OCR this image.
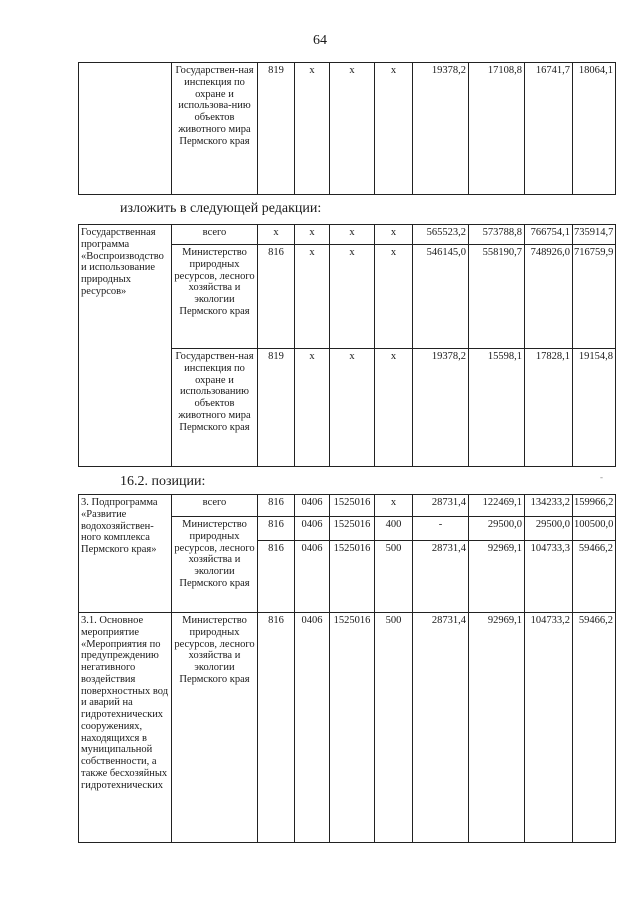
64
	Государствен-ная инспекция по охране и использова-нию объектов животного мира Пермского края	819	х	х	х	19378,2	17108,8	16741,7	18064,1
изложить в следующей редакции:
Государственная программа «Воспроизводство и использование природных ресурсов»	всего	х	х	х	х	565523,2	573788,8	766754,1	735914,7
	Министерство природных ресурсов, лесного хозяйства и экологии Пермского края	816	х	х	х	546145,0	558190,7	748926,0	716759,9
	Государствен-ная инспекция по охране и использованию объектов животного мира Пермского края	819	х	х	х	19378,2	15598,1	17828,1	19154,8
16.2. позиции:	-
3. Подпрограмма «Развитие водохозяйствен-ного комплекса Пермского края»	всего	816	0406	1525016	х	28731,4	122469,1	134233,2	159966,2
	Министерство природных ресурсов, лесного хозяйства и экологии Пермского края	816	0406	1525016	400	-	29500,0	29500,0	100500,0
		816	0406	1525016	500	28731,4	92969,1	104733,3	59466,2
3.1. Основное мероприятие «Мероприятия по предупреждению негативного воздействия поверхностных вод и аварий на гидротехнических сооружениях, находящихся в муниципальной собственности, а также бесхозяйных гидротехнических	Министерство природных ресурсов, лесного хозяйства и экологии Пермского края	816	0406	1525016	500	28731,4	92969,1	104733,2	59466,2
